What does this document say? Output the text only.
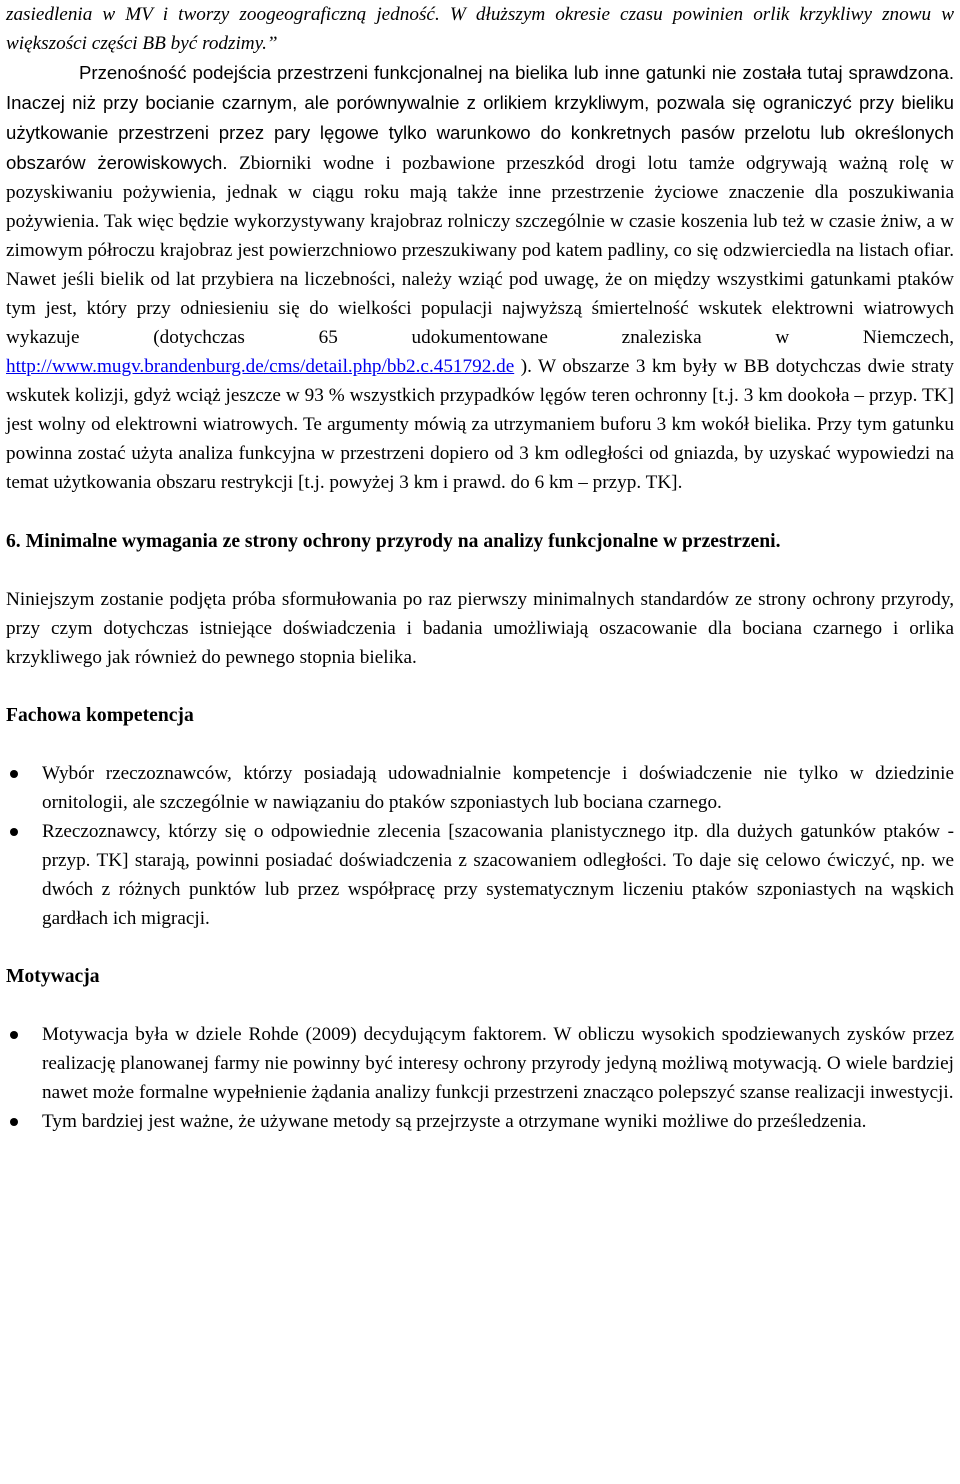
zasiedlenia w MV i tworzy zoogeograficzną jedność. W dłuższym okresie czasu powinien orlik krzykliwy znowu w większości części BB być rodzimy.”

Przenośność podejścia przestrzeni funkcjonalnej na bielika lub inne gatunki nie została tutaj sprawdzona. Inaczej niż przy bocianie czarnym, ale porównywalnie z orlikiem krzykliwym, pozwala się ograniczyć przy bieliku użytkowanie przestrzeni przez pary lęgowe tylko warunkowo do konkretnych pasów przelotu lub określonych obszarów żerowiskowych. Zbiorniki wodne i pozbawione przeszkód drogi lotu tamże odgrywają ważną rolę w pozyskiwaniu pożywienia, jednak w ciągu roku mają także inne przestrzenie życiowe znaczenie dla poszukiwania pożywienia. Tak więc będzie wykorzystywany krajobraz rolniczy szczególnie w czasie koszenia lub też w czasie żniw, a w zimowym półroczu krajobraz jest powierzchniowo przeszukiwany pod katem padliny, co się odzwierciedla na listach ofiar. Nawet jeśli bielik od lat przybiera na liczebności, należy wziąć pod uwagę, że on między wszystkimi gatunkami ptaków tym jest, który przy odniesieniu się do wielkości populacji najwyższą śmiertelność wskutek elektrowni wiatrowych wykazuje (dotychczas 65 udokumentowane znaleziska w Niemczech, http://www.mugv.brandenburg.de/cms/detail.php/bb2.c.451792.de ). W obszarze 3 km były w BB dotychczas dwie straty wskutek kolizji, gdyż wciąż jeszcze w 93 % wszystkich przypadków lęgów teren ochronny [t.j. 3 km dookoła – przyp. TK] jest wolny od elektrowni wiatrowych. Te argumenty mówią za utrzymaniem buforu 3 km wokół bielika. Przy tym gatunku powinna zostać użyta analiza funkcyjna w przestrzeni dopiero od 3 km odległości od gniazda, by uzyskać wypowiedzi na temat użytkowania obszaru restrykcji [t.j. powyżej 3 km i prawd. do 6 km – przyp. TK].

6. Minimalne wymagania ze strony ochrony przyrody na analizy funkcjonalne w przestrzeni.

Niniejszym zostanie podjęta próba sformułowania po raz pierwszy minimalnych standardów ze strony ochrony przyrody, przy czym dotychczas istniejące doświadczenia i badania umożliwiają oszacowanie dla bociana czarnego i orlika krzykliwego jak również do pewnego stopnia bielika.

Fachowa kompetencja
Wybór rzeczoznawców, którzy posiadają udowadnialnie kompetencje i doświadczenie nie tylko w dziedzinie ornitologii, ale szczególnie w nawiązaniu do ptaków szponiastych lub bociana czarnego.
Rzeczoznawcy, którzy się o odpowiednie zlecenia [szacowania planistycznego itp. dla dużych gatunków ptaków - przyp. TK] starają, powinni posiadać doświadczenia z szacowaniem odległości. To daje się celowo ćwiczyć, np. we dwóch z różnych punktów lub przez współpracę przy systematycznym liczeniu ptaków szponiastych na wąskich gardłach ich migracji.
Motywacja
Motywacja była w dziele Rohde (2009) decydującym faktorem. W obliczu wysokich spodziewanych zysków przez realizację planowanej farmy nie powinny być interesy ochrony przyrody jedyną możliwą motywacją. O wiele bardziej nawet może formalne wypełnienie żądania analizy funkcji przestrzeni znacząco polepszyć szanse realizacji inwestycji.
Tym bardziej jest ważne, że używane metody są przejrzyste a otrzymane wyniki możliwe do prześledzenia.
